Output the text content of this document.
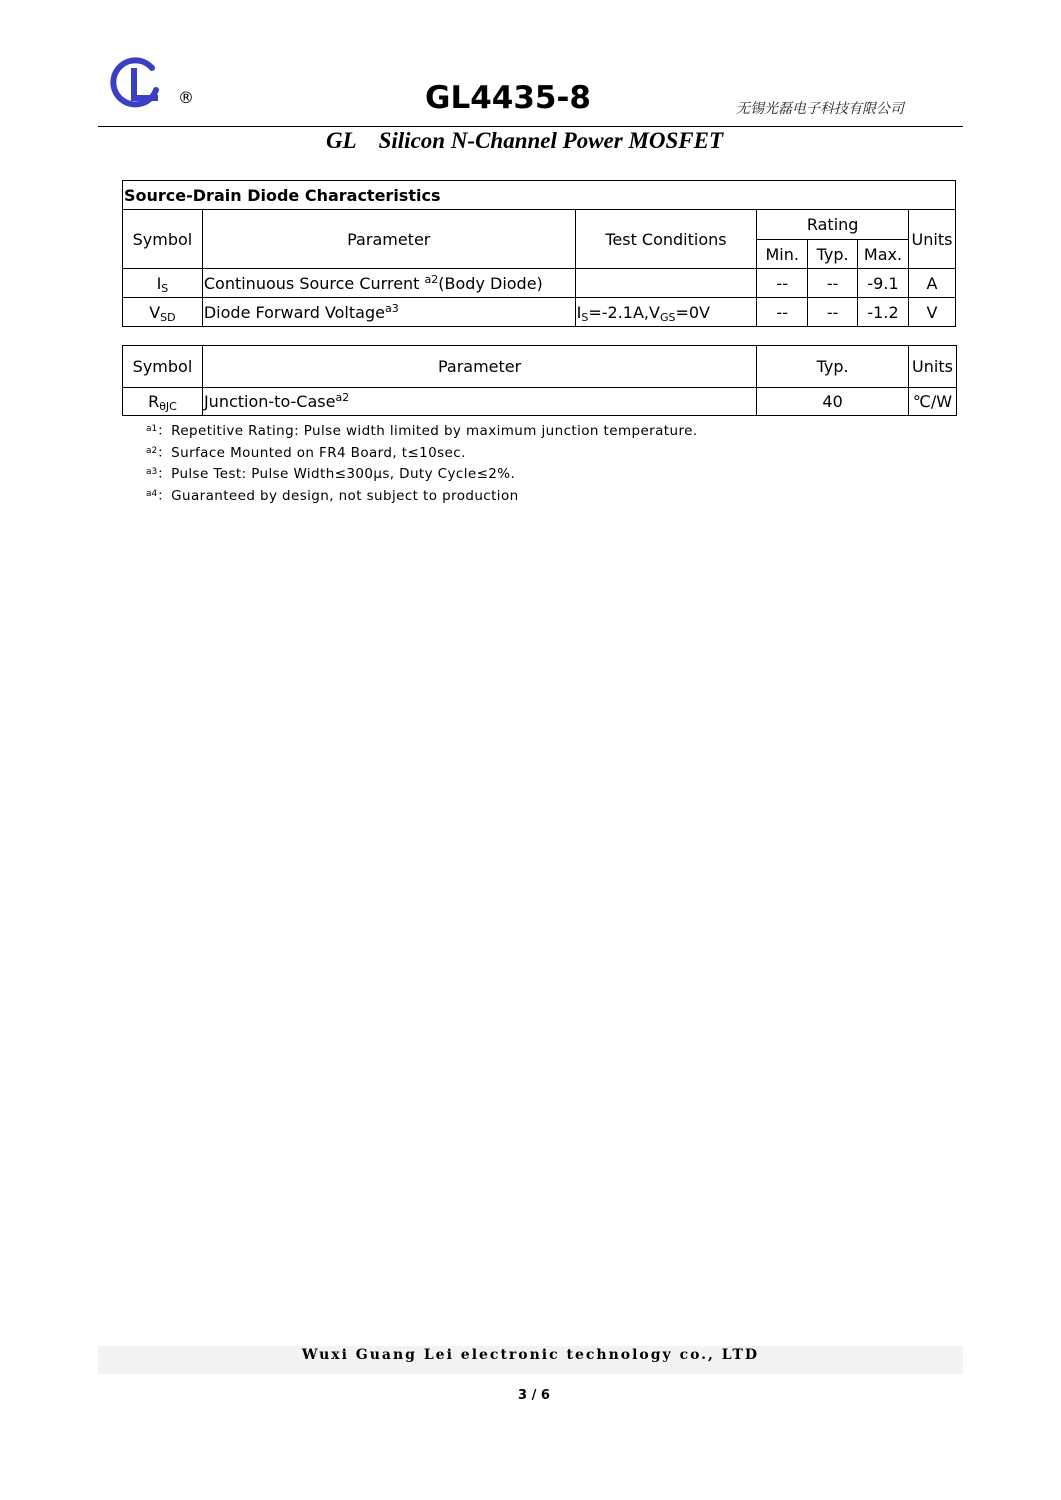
GL
®	GL4435-8	无锡光磊电子科技有限公司
GL Silicon N-Channel Power MOSFET
Source-Drain Diode Characteristics						
Symbol	Parameter	Test Conditions	Rating			Units
			Min.	Typ.	Max.	
$I_S$	Continuous Source Current $^{a2}$(Body Diode)		--	--	-9.1	A
$V_{SD}$	Diode Forward Voltage$^{a3}$	$I_S=-2.1A,V_{GS}=0V$	--	--	-1.2	V
Symbol	Parameter	Typ.	Units
$R_{\theta JC}$	Junction-to-Case$^{a2}$	40	℃/W
$^{a1}$：Repetitive Rating: Pulse width limited by maximum junction temperature.
$^{a2}$：Surface Mounted on FR4 Board, t≤10sec.
$^{a3}$：Pulse Test: Pulse Width≤300μs, Duty Cycle≤2%.
$^{a4}$：Guaranteed by design, not subject to production
Wuxi Guang Lei electronic technology co., LTD
3 / 6
